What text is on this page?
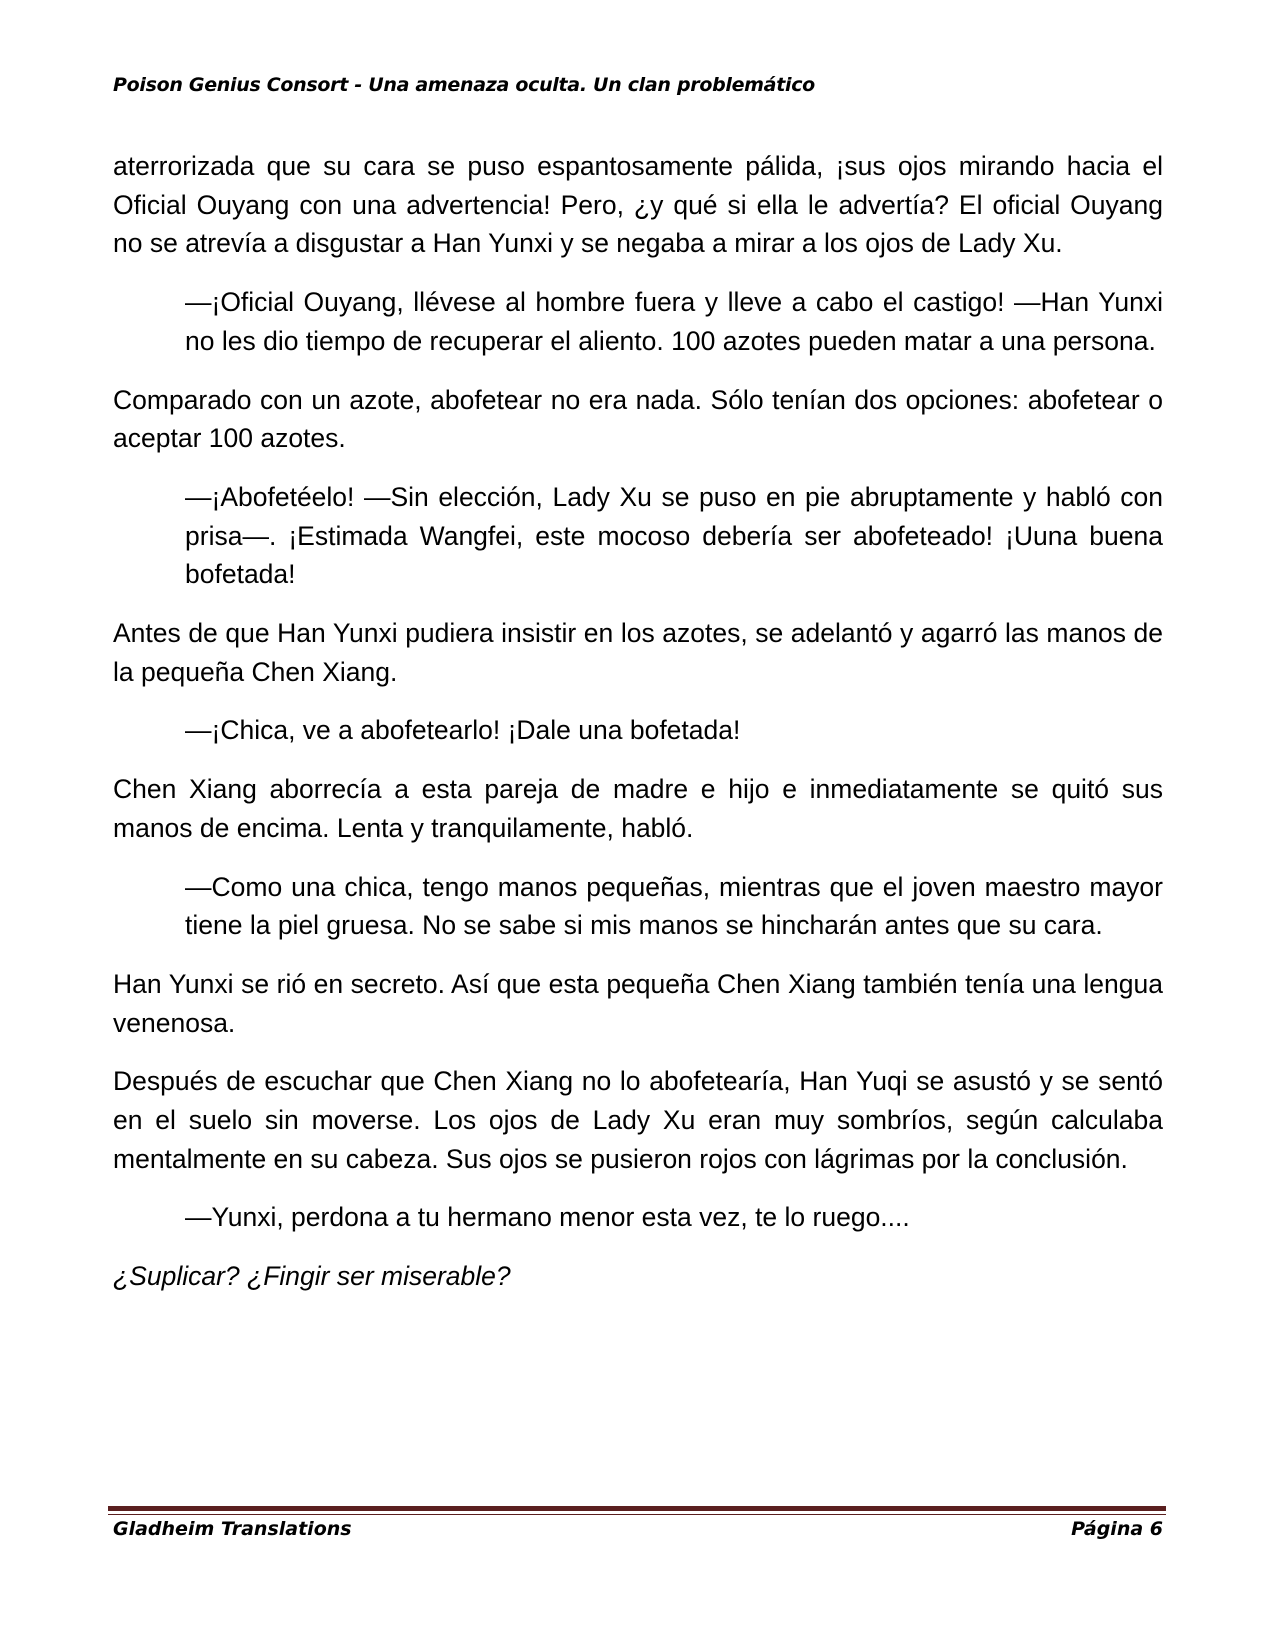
Poison Genius Consort - Una amenaza oculta. Un clan problemático

aterrorizada que su cara se puso espantosamente pálida, ¡sus ojos mirando hacia el Oficial Ouyang con una advertencia! Pero, ¿y qué si ella le advertía? El oficial Ouyang no se atrevía a disgustar a Han Yunxi y se negaba a mirar a los ojos de Lady Xu.

—¡Oficial Ouyang, llévese al hombre fuera y lleve a cabo el castigo! —Han Yunxi no les dio tiempo de recuperar el aliento. 100 azotes pueden matar a una persona.

Comparado con un azote, abofetear no era nada. Sólo tenían dos opciones: abofetear o aceptar 100 azotes.

—¡Abofetéelo! —Sin elección, Lady Xu se puso en pie abruptamente y habló con prisa—. ¡Estimada Wangfei, este mocoso debería ser abofeteado! ¡Uuna buena bofetada!

Antes de que Han Yunxi pudiera insistir en los azotes, se adelantó y agarró las manos de la pequeña Chen Xiang.

—¡Chica, ve a abofetearlo! ¡Dale una bofetada!

Chen Xiang aborrecía a esta pareja de madre e hijo e inmediatamente se quitó sus manos de encima. Lenta y tranquilamente, habló.

—Como una chica, tengo manos pequeñas, mientras que el joven maestro mayor tiene la piel gruesa. No se sabe si mis manos se hincharán antes que su cara.

Han Yunxi se rió en secreto. Así que esta pequeña Chen Xiang también tenía una lengua venenosa.

Después de escuchar que Chen Xiang no lo abofetearía, Han Yuqi se asustó y se sentó en el suelo sin moverse. Los ojos de Lady Xu eran muy sombríos, según calculaba mentalmente en su cabeza. Sus ojos se pusieron rojos con lágrimas por la conclusión.

—Yunxi, perdona a tu hermano menor esta vez, te lo ruego....

¿Suplicar? ¿Fingir ser miserable?

Gladheim Translations	Página 6
